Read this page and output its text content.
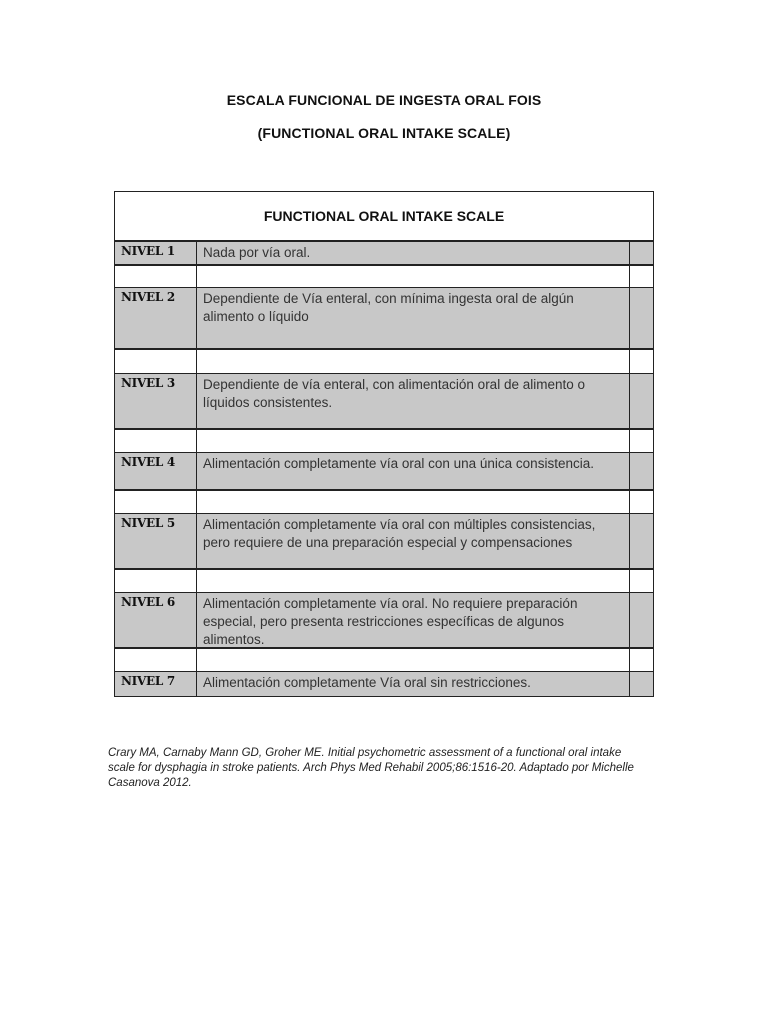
ESCALA FUNCIONAL DE INGESTA ORAL FOIS
(FUNCTIONAL ORAL INTAKE SCALE)
FUNCTIONAL ORAL INTAKE SCALE
NIVEL 1	Nada por vía oral.
NIVEL 2	Dependiente de Vía enteral, con mínima ingesta oral de algún alimento o líquido
NIVEL 3	Dependiente de vía enteral, con alimentación oral de alimento o líquidos consistentes.
NIVEL 4	Alimentación completamente vía oral con una única consistencia.
NIVEL 5	Alimentación completamente vía oral con múltiples consistencias, pero requiere de una preparación especial y compensaciones
NIVEL 6	Alimentación completamente vía oral. No requiere preparación especial, pero presenta restricciones específicas de algunos alimentos.
NIVEL 7	Alimentación completamente Vía oral sin restricciones.
Crary MA, Carnaby Mann GD, Groher ME. Initial psychometric assessment of a functional oral intake scale for dysphagia in stroke patients. Arch Phys Med Rehabil 2005;86:1516-20. Adaptado por Michelle Casanova 2012.
